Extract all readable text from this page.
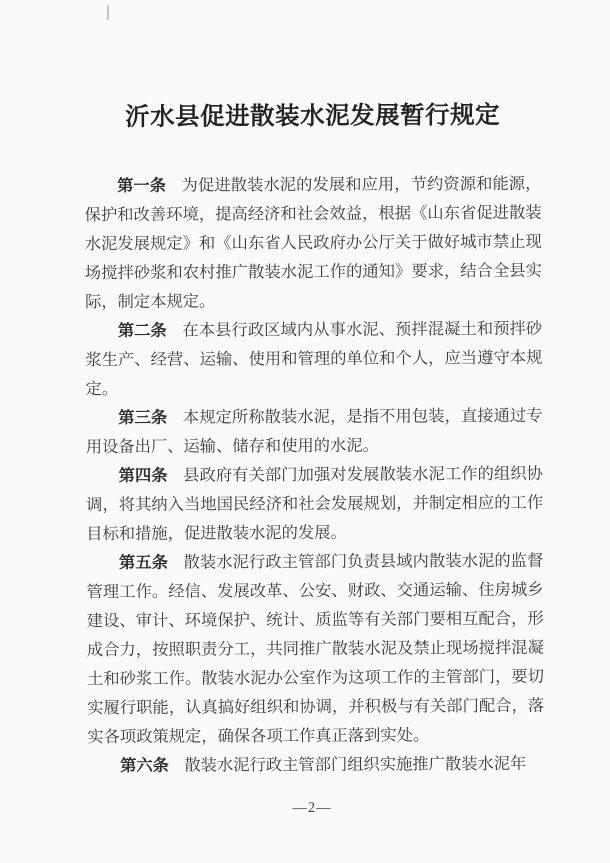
沂水县促进散装水泥发展暂行规定

第一条 为促进散装水泥的发展和应用，节约资源和能源，保护和改善环境，提高经济和社会效益，根据《山东省促进散装水泥发展规定》和《山东省人民政府办公厅关于做好城市禁止现场搅拌砂浆和农村推广散装水泥工作的通知》要求，结合全县实际，制定本规定。

第二条 在本县行政区域内从事水泥、预拌混凝土和预拌砂浆生产、经营、运输、使用和管理的单位和个人，应当遵守本规定。

第三条 本规定所称散装水泥，是指不用包装，直接通过专用设备出厂、运输、储存和使用的水泥。

第四条 县政府有关部门加强对发展散装水泥工作的组织协调，将其纳入当地国民经济和社会发展规划，并制定相应的工作目标和措施，促进散装水泥的发展。

第五条 散装水泥行政主管部门负责县域内散装水泥的监督管理工作。经信、发展改革、公安、财政、交通运输、住房城乡建设、审计、环境保护、统计、质监等有关部门要相互配合，形成合力，按照职责分工，共同推广散装水泥及禁止现场搅拌混凝土和砂浆工作。散装水泥办公室作为这项工作的主管部门，要切实履行职能，认真搞好组织和协调，并积极与有关部门配合，落实各项政策规定，确保各项工作真正落到实处。

第六条 散装水泥行政主管部门组织实施推广散装水泥年

—2—
